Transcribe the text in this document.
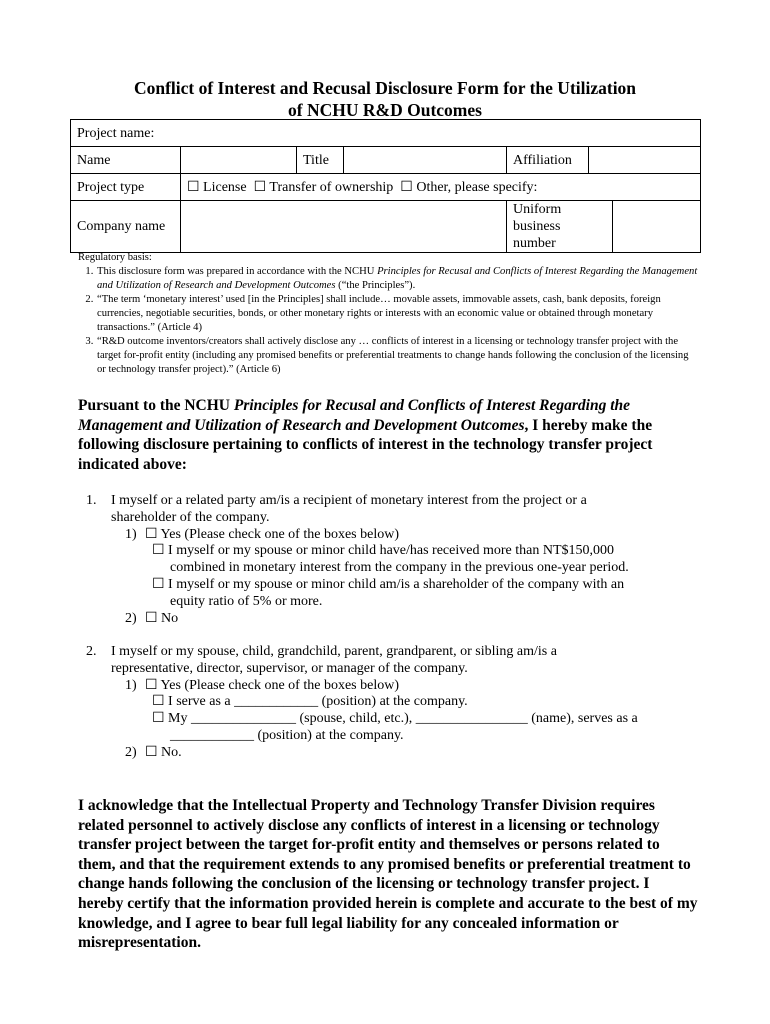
Conflict of Interest and Recusal Disclosure Form for the Utilization
of NCHU R&D Outcomes
Project name:						
Name		Title		Affiliation		
Project type	☐ License  ☐ Transfer of ownership  ☐ Other, please specify:					
Company name				Uniform business number		
Regulatory basis:
1. This disclosure form was prepared in accordance with the NCHU Principles for Recusal and Conflicts of Interest Regarding the Management and Utilization of Research and Development Outcomes (“the Principles”).
2. “The term ‘monetary interest’ used [in the Principles] shall include… movable assets, immovable assets, cash, bank deposits, foreign currencies, negotiable securities, bonds, or other monetary rights or interests with an economic value or obtained through monetary transactions.” (Article 4)
3. “R&D outcome inventors/creators shall actively disclose any … conflicts of interest in a licensing or technology transfer project with the target for-profit entity (including any promised benefits or preferential treatments to change hands following the conclusion of the licensing or technology transfer project).” (Article 6)
Pursuant to the NCHU Principles for Recusal and Conflicts of Interest Regarding the Management and Utilization of Research and Development Outcomes, I hereby make the following disclosure pertaining to conflicts of interest in the technology transfer project indicated above:
1. I myself or a related party am/is a recipient of monetary interest from the project or a
shareholder of the company.
1) ☐ Yes (Please check one of the boxes below)
☐ I myself or my spouse or minor child have/has received more than NT$150,000
combined in monetary interest from the company in the previous one-year period.
☐ I myself or my spouse or minor child am/is a shareholder of the company with an
equity ratio of 5% or more.
2) ☐ No
2. I myself or my spouse, child, grandchild, parent, grandparent, or sibling am/is a
representative, director, supervisor, or manager of the company.
1) ☐ Yes (Please check one of the boxes below)
☐ I serve as a ____________ (position) at the company.
☐ My _______________ (spouse, child, etc.), ________________ (name), serves as a
____________ (position) at the company.
2) ☐ No.
I acknowledge that the Intellectual Property and Technology Transfer Division requires related personnel to actively disclose any conflicts of interest in a licensing or technology transfer project between the target for-profit entity and themselves or persons related to them, and that the requirement extends to any promised benefits or preferential treatment to change hands following the conclusion of the licensing or technology transfer project. I hereby certify that the information provided herein is complete and accurate to the best of my knowledge, and I agree to bear full legal liability for any concealed information or misrepresentation.
